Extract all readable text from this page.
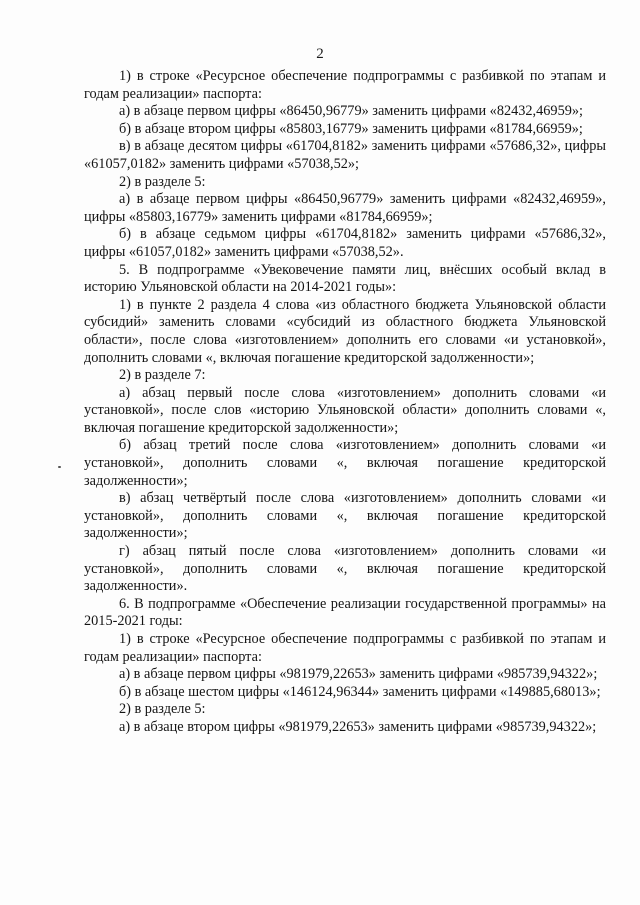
2

1) в строке «Ресурсное обеспечение подпрограммы с разбивкой по этапам и годам реализации» паспорта:

а) в абзаце первом цифры «86450,96779» заменить цифрами «82432,46959»;

б) в абзаце втором цифры «85803,16779» заменить цифрами «81784,66959»;

в) в абзаце десятом цифры «61704,8182» заменить цифрами «57686,32», цифры «61057,0182» заменить цифрами «57038,52»;

2) в разделе 5:

а) в абзаце первом цифры «86450,96779» заменить цифрами «82432,46959», цифры «85803,16779» заменить цифрами «81784,66959»;

б) в абзаце седьмом цифры «61704,8182» заменить цифрами «57686,32», цифры «61057,0182» заменить цифрами «57038,52».

5. В подпрограмме «Увековечение памяти лиц, внёсших особый вклад в историю Ульяновской области на 2014-2021 годы»:

1) в пункте 2 раздела 4 слова «из областного бюджета Ульяновской области субсидий» заменить словами «субсидий из областного бюджета Ульяновской области», после слова «изготовлением» дополнить его словами «и установкой», дополнить словами «, включая погашение кредиторской задолженности»;

2) в разделе 7:

а) абзац первый после слова «изготовлением» дополнить словами «и установкой», после слов «историю Ульяновской области» дополнить словами «, включая погашение кредиторской задолженности»;

б) абзац третий после слова «изготовлением» дополнить словами «и установкой», дополнить словами «, включая погашение кредиторской задолженности»;

в) абзац четвёртый после слова «изготовлением» дополнить словами «и установкой», дополнить словами «, включая погашение кредиторской задолженности»;

г) абзац пятый после слова «изготовлением» дополнить словами «и установкой», дополнить словами «, включая погашение кредиторской задолженности».

6. В подпрограмме «Обеспечение реализации государственной программы» на 2015-2021 годы:

1) в строке «Ресурсное обеспечение подпрограммы с разбивкой по этапам и годам реализации» паспорта:

а) в абзаце первом цифры «981979,22653» заменить цифрами «985739,94322»;

б) в абзаце шестом цифры «146124,96344» заменить цифрами «149885,68013»;

2) в разделе 5:

а) в абзаце втором цифры «981979,22653» заменить цифрами «985739,94322»;
